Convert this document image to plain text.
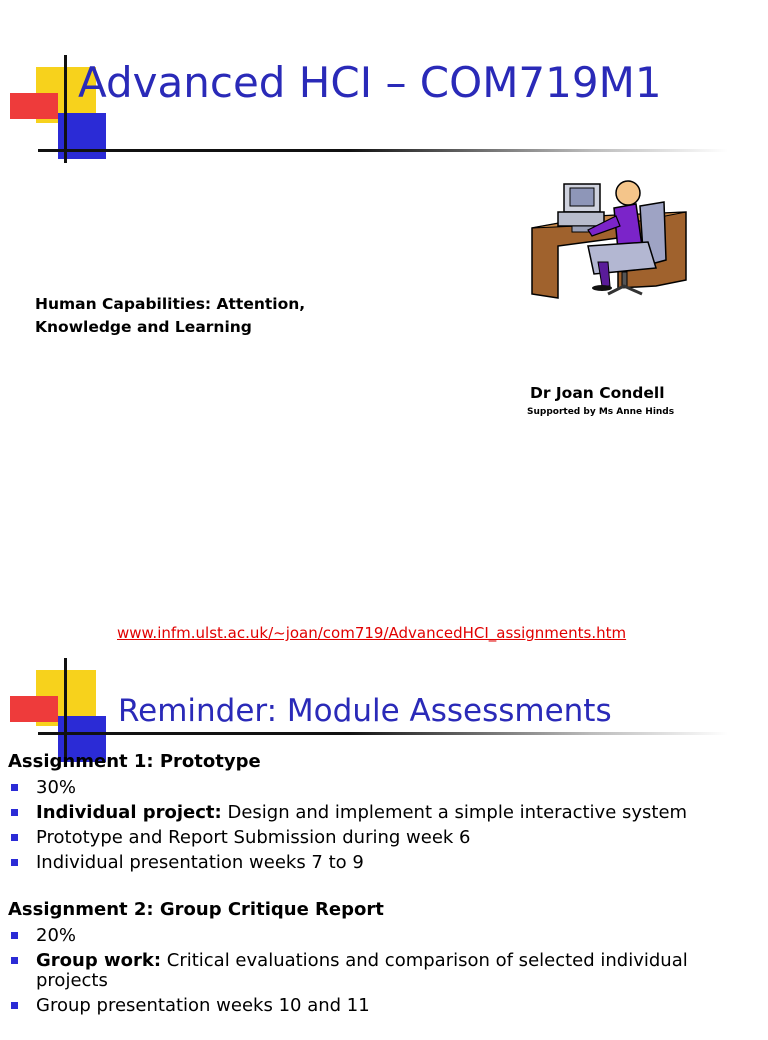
Advanced HCI – COM719M1
Human Capabilities: Attention, Knowledge and Learning
Dr Joan Condell
Supported by Ms Anne Hinds
www.infm.ulst.ac.uk/~joan/com719/AdvancedHCI_assignments.htm
Reminder: Module Assessments
Assignment 1: Prototype
30%
Individual project: Design and implement a simple interactive system
Prototype and Report Submission during week 6
Individual presentation weeks 7 to 9
Assignment 2: Group Critique Report
20%
Group work: Critical evaluations and comparison of selected individual projects
Group presentation weeks 10 and 11
